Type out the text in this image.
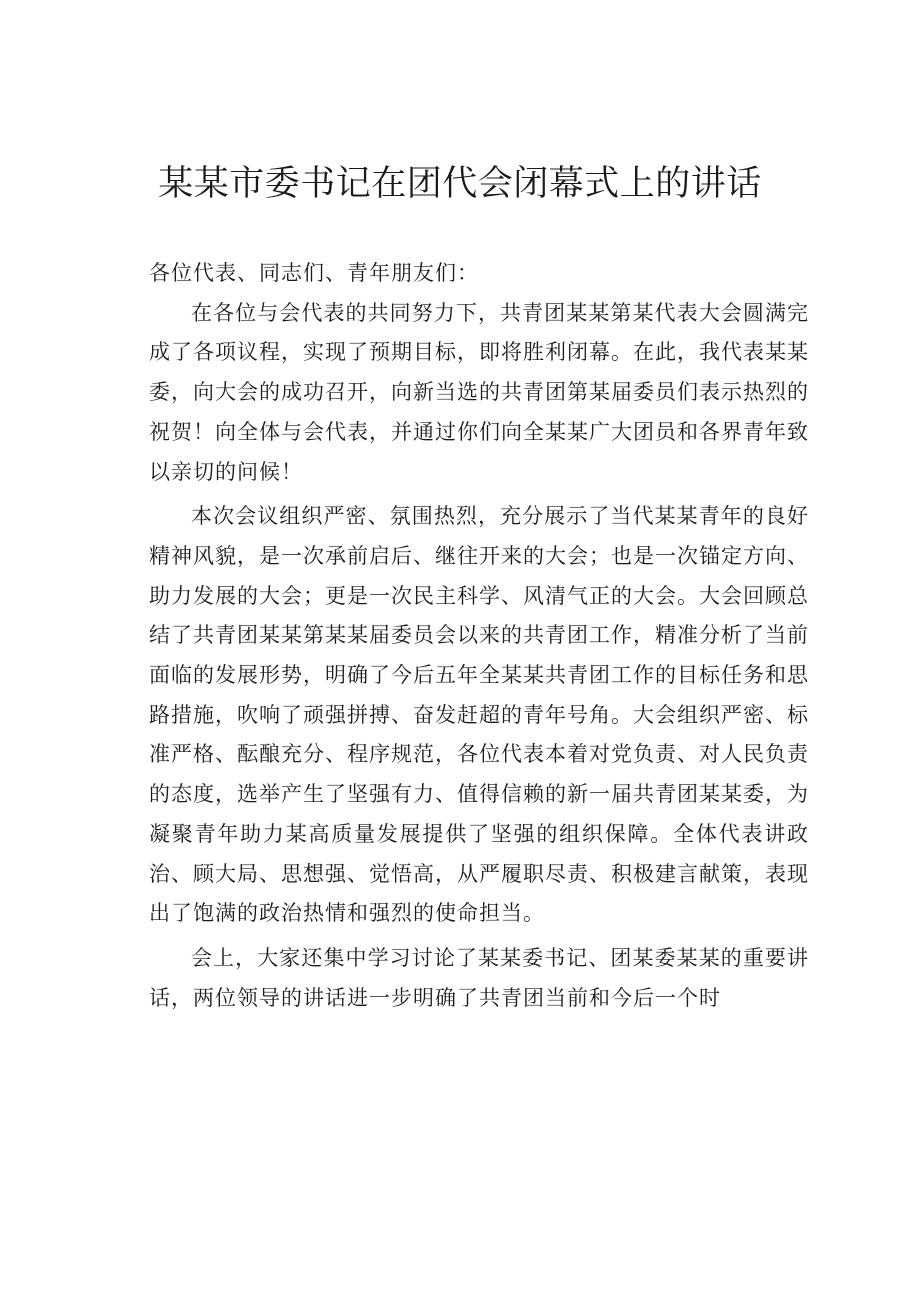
某某市委书记在团代会闭幕式上的讲话

各位代表、同志们、青年朋友们：

在各位与会代表的共同努力下，共青团某某第某代表大会圆满完成了各项议程，实现了预期目标，即将胜利闭幕。在此，我代表某某委，向大会的成功召开，向新当选的共青团第某届委员们表示热烈的祝贺！向全体与会代表，并通过你们向全某某广大团员和各界青年致以亲切的问候！

本次会议组织严密、氛围热烈，充分展示了当代某某青年的良好精神风貌，是一次承前启后、继往开来的大会；也是一次锚定方向、助力发展的大会；更是一次民主科学、风清气正的大会。大会回顾总结了共青团某某第某某届委员会以来的共青团工作，精准分析了当前面临的发展形势，明确了今后五年全某某共青团工作的目标任务和思路措施，吹响了顽强拼搏、奋发赶超的青年号角。大会组织严密、标准严格、酝酿充分、程序规范，各位代表本着对党负责、对人民负责的态度，选举产生了坚强有力、值得信赖的新一届共青团某某委，为凝聚青年助力某高质量发展提供了坚强的组织保障。全体代表讲政治、顾大局、思想强、觉悟高，从严履职尽责、积极建言献策，表现出了饱满的政治热情和强烈的使命担当。

会上，大家还集中学习讨论了某某委书记、团某委某某的重要讲话，两位领导的讲话进一步明确了共青团当前和今后一个时
